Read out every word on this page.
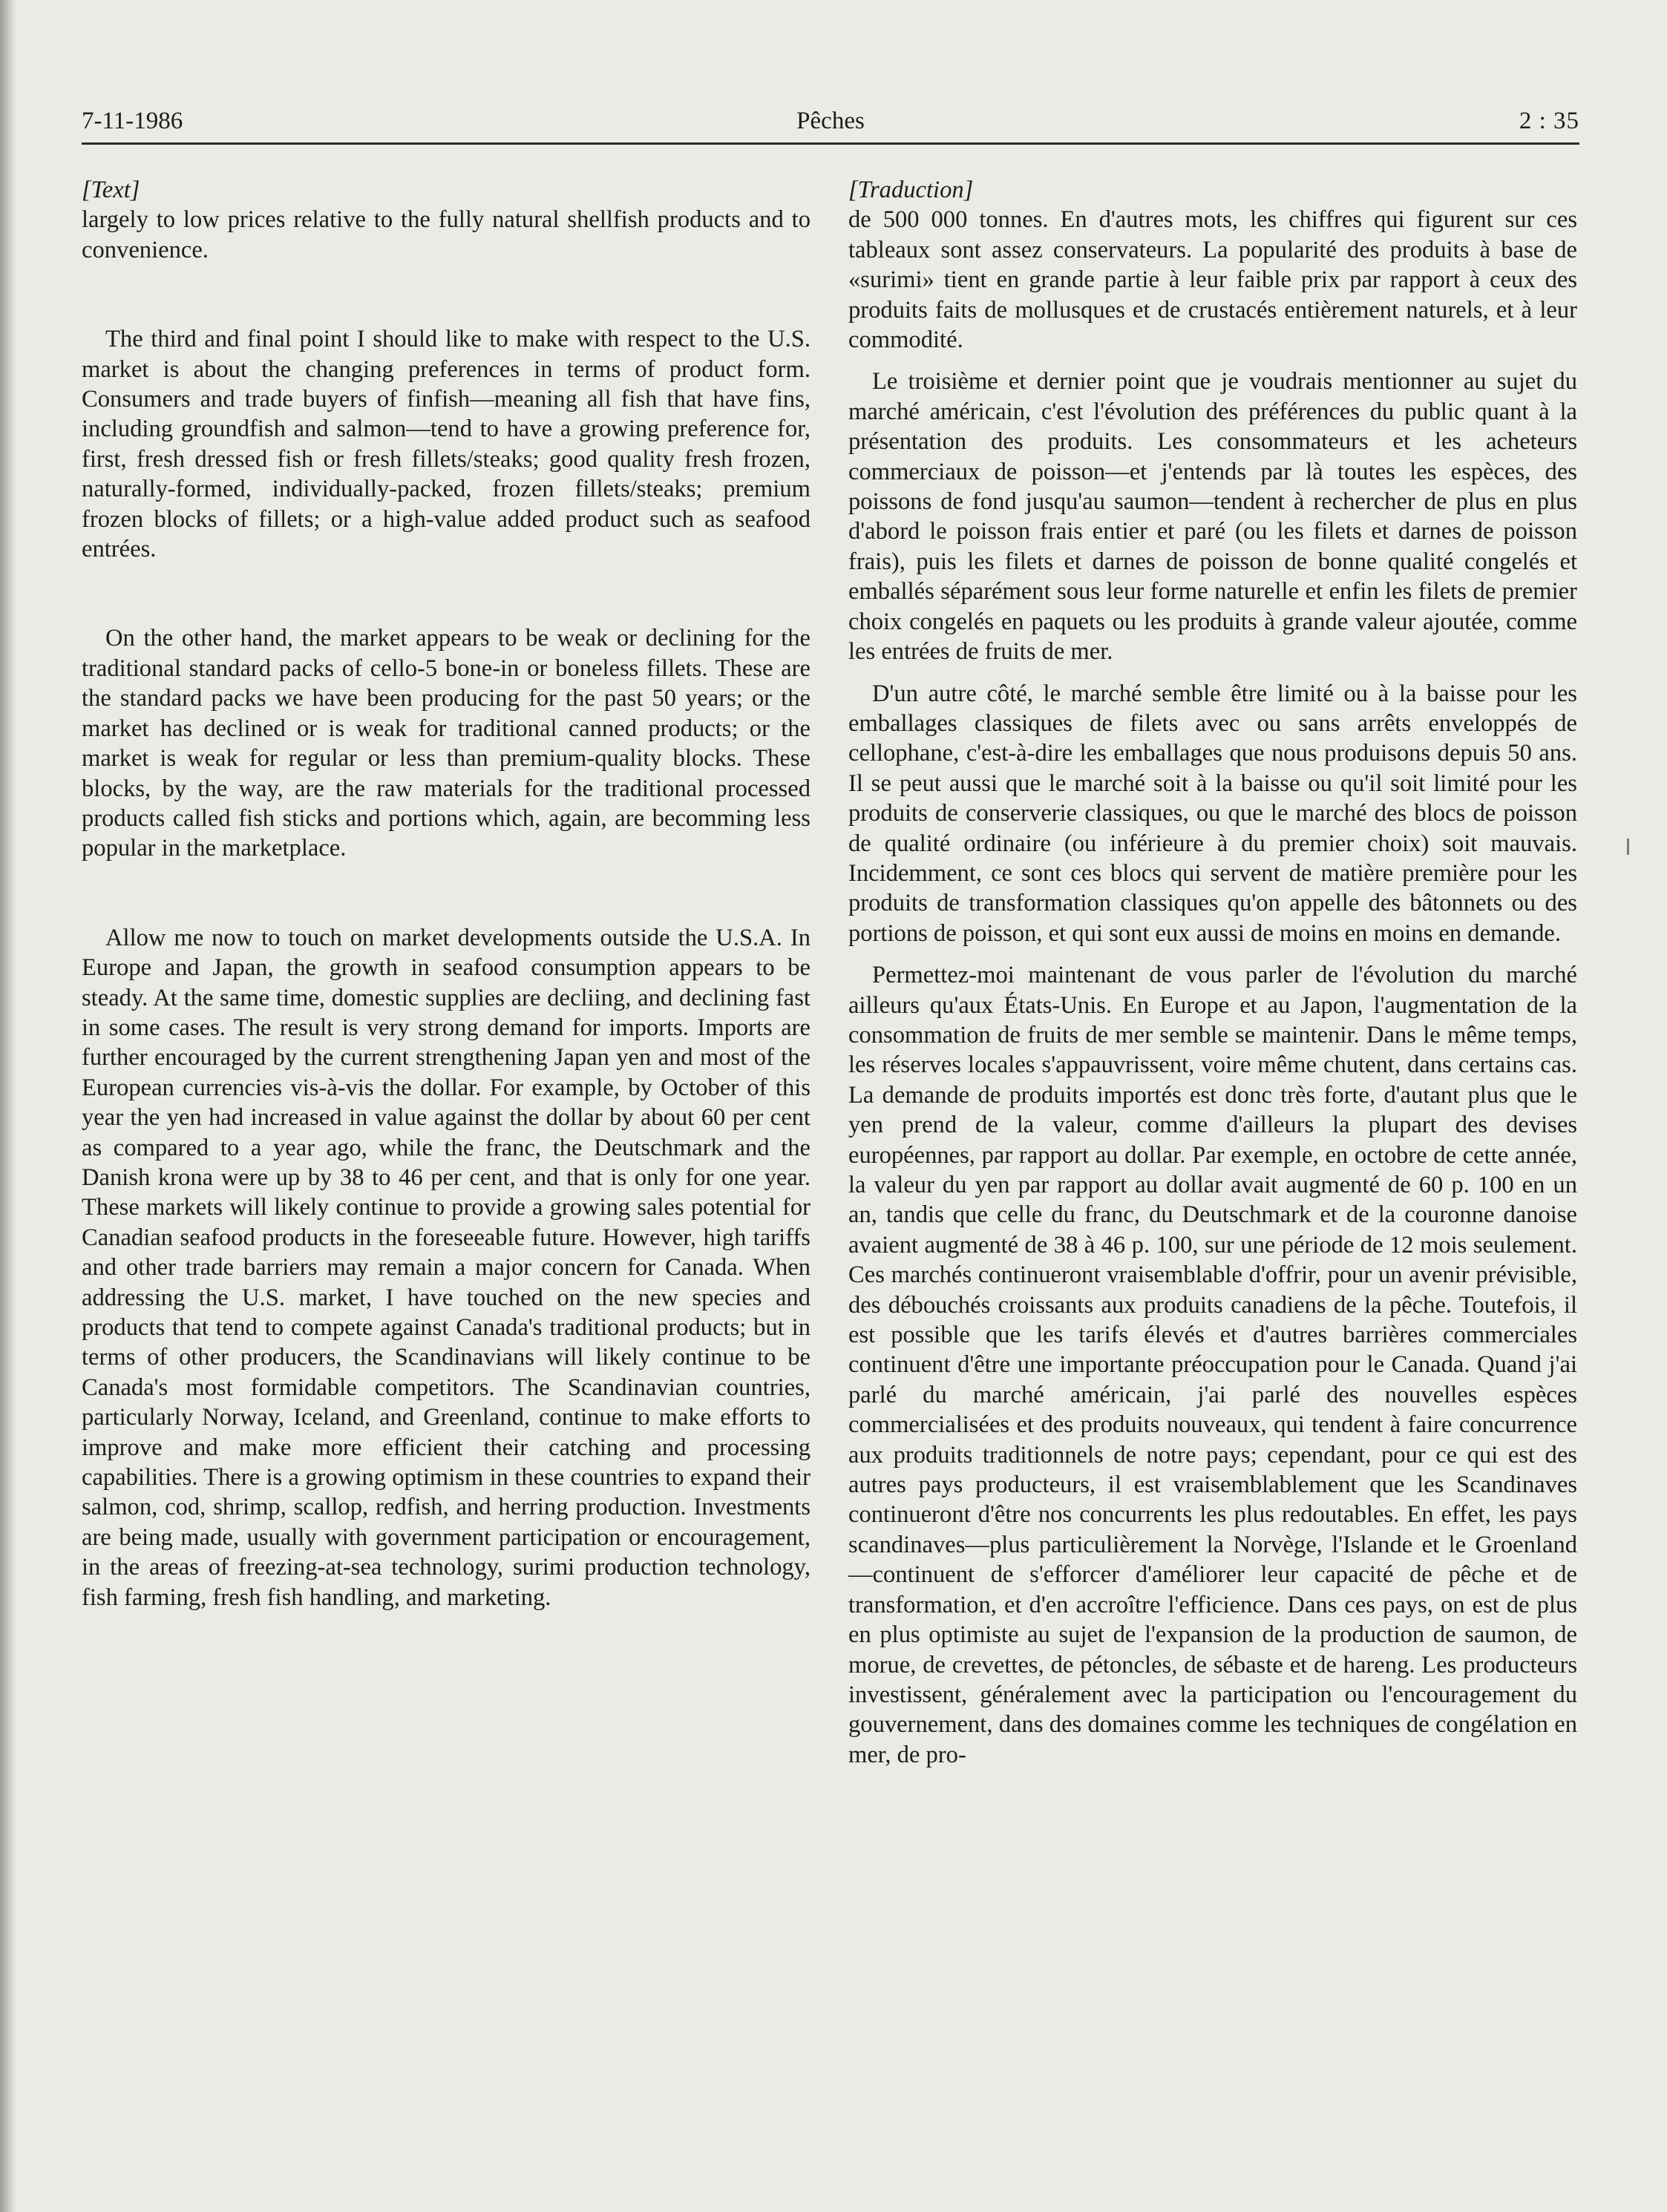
7-11-1986	Pêches	2 : 35

[Text]

largely to low prices relative to the fully natural shellfish products and to convenience.

The third and final point I should like to make with respect to the U.S. market is about the changing preferences in terms of product form. Consumers and trade buyers of finfish—meaning all fish that have fins, including groundfish and salmon—tend to have a growing preference for, first, fresh dressed fish or fresh fillets/steaks; good quality fresh frozen, naturally-formed, individually-packed, frozen fillets/steaks; premium frozen blocks of fillets; or a high-value added product such as seafood entrées.

On the other hand, the market appears to be weak or declining for the traditional standard packs of cello-5 bone-in or boneless fillets. These are the standard packs we have been producing for the past 50 years; or the market has declined or is weak for traditional canned products; or the market is weak for regular or less than premium-quality blocks. These blocks, by the way, are the raw materials for the traditional processed products called fish sticks and portions which, again, are becomming less popular in the marketplace.

Allow me now to touch on market developments outside the U.S.A. In Europe and Japan, the growth in seafood consumption appears to be steady. At the same time, domestic supplies are decliing, and declining fast in some cases. The result is very strong demand for imports. Imports are further encouraged by the current strengthening Japan yen and most of the European currencies vis-à-vis the dollar. For example, by October of this year the yen had increased in value against the dollar by about 60 per cent as compared to a year ago, while the franc, the Deutschmark and the Danish krona were up by 38 to 46 per cent, and that is only for one year. These markets will likely continue to provide a growing sales potential for Canadian seafood products in the foreseeable future. However, high tariffs and other trade barriers may remain a major concern for Canada. When addressing the U.S. market, I have touched on the new species and products that tend to compete against Canada's traditional products; but in terms of other producers, the Scandinavians will likely continue to be Canada's most formidable competitors. The Scandinavian countries, particularly Norway, Iceland, and Greenland, continue to make efforts to improve and make more efficient their catching and processing capabilities. There is a growing optimism in these countries to expand their salmon, cod, shrimp, scallop, redfish, and herring production. Investments are being made, usually with government participation or encouragement, in the areas of freezing-at-sea technology, surimi production technology, fish farming, fresh fish handling, and marketing.

[Traduction]

de 500 000 tonnes. En d'autres mots, les chiffres qui figurent sur ces tableaux sont assez conservateurs. La popularité des produits à base de «surimi» tient en grande partie à leur faible prix par rapport à ceux des produits faits de mollusques et de crustacés entièrement naturels, et à leur commodité.

Le troisième et dernier point que je voudrais mentionner au sujet du marché américain, c'est l'évolution des préférences du public quant à la présentation des produits. Les consommateurs et les acheteurs commerciaux de poisson—et j'entends par là toutes les espèces, des poissons de fond jusqu'au saumon—tendent à rechercher de plus en plus d'abord le poisson frais entier et paré (ou les filets et darnes de poisson frais), puis les filets et darnes de poisson de bonne qualité congelés et emballés séparément sous leur forme naturelle et enfin les filets de premier choix congelés en paquets ou les produits à grande valeur ajoutée, comme les entrées de fruits de mer.

D'un autre côté, le marché semble être limité ou à la baisse pour les emballages classiques de filets avec ou sans arrêts enveloppés de cellophane, c'est-à-dire les emballages que nous produisons depuis 50 ans. Il se peut aussi que le marché soit à la baisse ou qu'il soit limité pour les produits de conserverie classiques, ou que le marché des blocs de poisson de qualité ordinaire (ou inférieure à du premier choix) soit mauvais. Incidemment, ce sont ces blocs qui servent de matière première pour les produits de transformation classiques qu'on appelle des bâtonnets ou des portions de poisson, et qui sont eux aussi de moins en moins en demande.

Permettez-moi maintenant de vous parler de l'évolution du marché ailleurs qu'aux États-Unis. En Europe et au Japon, l'augmentation de la consommation de fruits de mer semble se maintenir. Dans le même temps, les réserves locales s'appauvrissent, voire même chutent, dans certains cas. La demande de produits importés est donc très forte, d'autant plus que le yen prend de la valeur, comme d'ailleurs la plupart des devises européennes, par rapport au dollar. Par exemple, en octobre de cette année, la valeur du yen par rapport au dollar avait augmenté de 60 p. 100 en un an, tandis que celle du franc, du Deutschmark et de la couronne danoise avaient augmenté de 38 à 46 p. 100, sur une période de 12 mois seulement. Ces marchés continueront vraisemblable d'offrir, pour un avenir prévisible, des débouchés croissants aux produits canadiens de la pêche. Toutefois, il est possible que les tarifs élevés et d'autres barrières commerciales continuent d'être une importante préoccupation pour le Canada. Quand j'ai parlé du marché américain, j'ai parlé des nouvelles espèces commercialisées et des produits nouveaux, qui tendent à faire concurrence aux produits traditionnels de notre pays; cependant, pour ce qui est des autres pays producteurs, il est vraisemblablement que les Scandinaves continueront d'être nos concurrents les plus redoutables. En effet, les pays scandinaves—plus particulièrement la Norvège, l'Islande et le Groenland—continuent de s'efforcer d'améliorer leur capacité de pêche et de transformation, et d'en accroître l'efficience. Dans ces pays, on est de plus en plus optimiste au sujet de l'expansion de la production de saumon, de morue, de crevettes, de pétoncles, de sébaste et de hareng. Les producteurs investissent, généralement avec la participation ou l'encouragement du gouvernement, dans des domaines comme les techniques de congélation en mer, de pro-
